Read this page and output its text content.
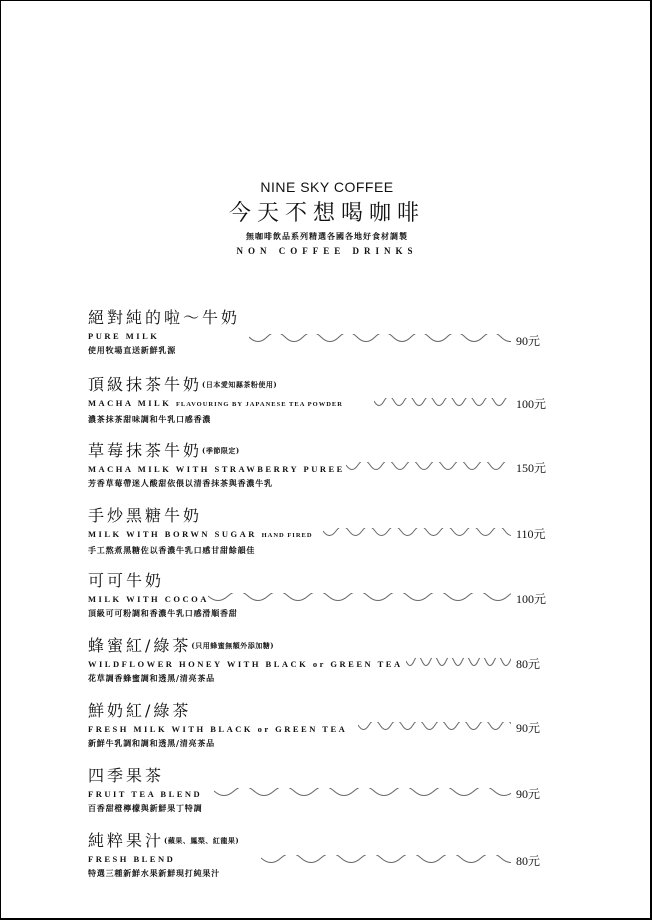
NINE SKY COFFEE
今天不想喝咖啡
無咖啡飲品系列精選各國各地好食材調製
NON COFFEE DRINKS
絕對純的啦～牛奶
PURE MILK
使用牧場直送新鮮乳源
90元
頂級抹茶牛奶(日本愛知縣茶粉使用)
MACHA MILK FLAVOURING BY JAPANESE TEA POWDER
濃茶抹茶甜味調和牛乳口感香濃
100元
草莓抹茶牛奶(季節限定)
MACHA MILK WITH STRAWBERRY PUREE
芳香草莓帶迷人酸甜依偎以清香抹茶與香濃牛乳
150元
手炒黑糖牛奶
MILK WITH BORWN SUGAR HAND FIRED
手工熬煮黑糖佐以香濃牛乳口感甘甜餘韻佳
110元
可可牛奶
MILK WITH COCOA
頂級可可粉調和香濃牛乳口感滑順香甜
100元
蜂蜜紅/綠茶(只用蜂蜜無額外添加糖)
WILDFLOWER HONEY WITH BLACK or GREEN TEA
花草調香蜂蜜調和透黑/清亮茶品
80元
鮮奶紅/綠茶
FRESH MILK WITH BLACK or GREEN TEA
新鮮牛乳調和調和透黑/清亮茶品
90元
四季果茶
FRUIT TEA BLEND
百香甜橙檸檬與新鮮果丁特調
90元
純粹果汁(蘋果、鳳梨、紅龍果)
FRESH BLEND
特選三種新鮮水果新鮮現打純果汁
80元
